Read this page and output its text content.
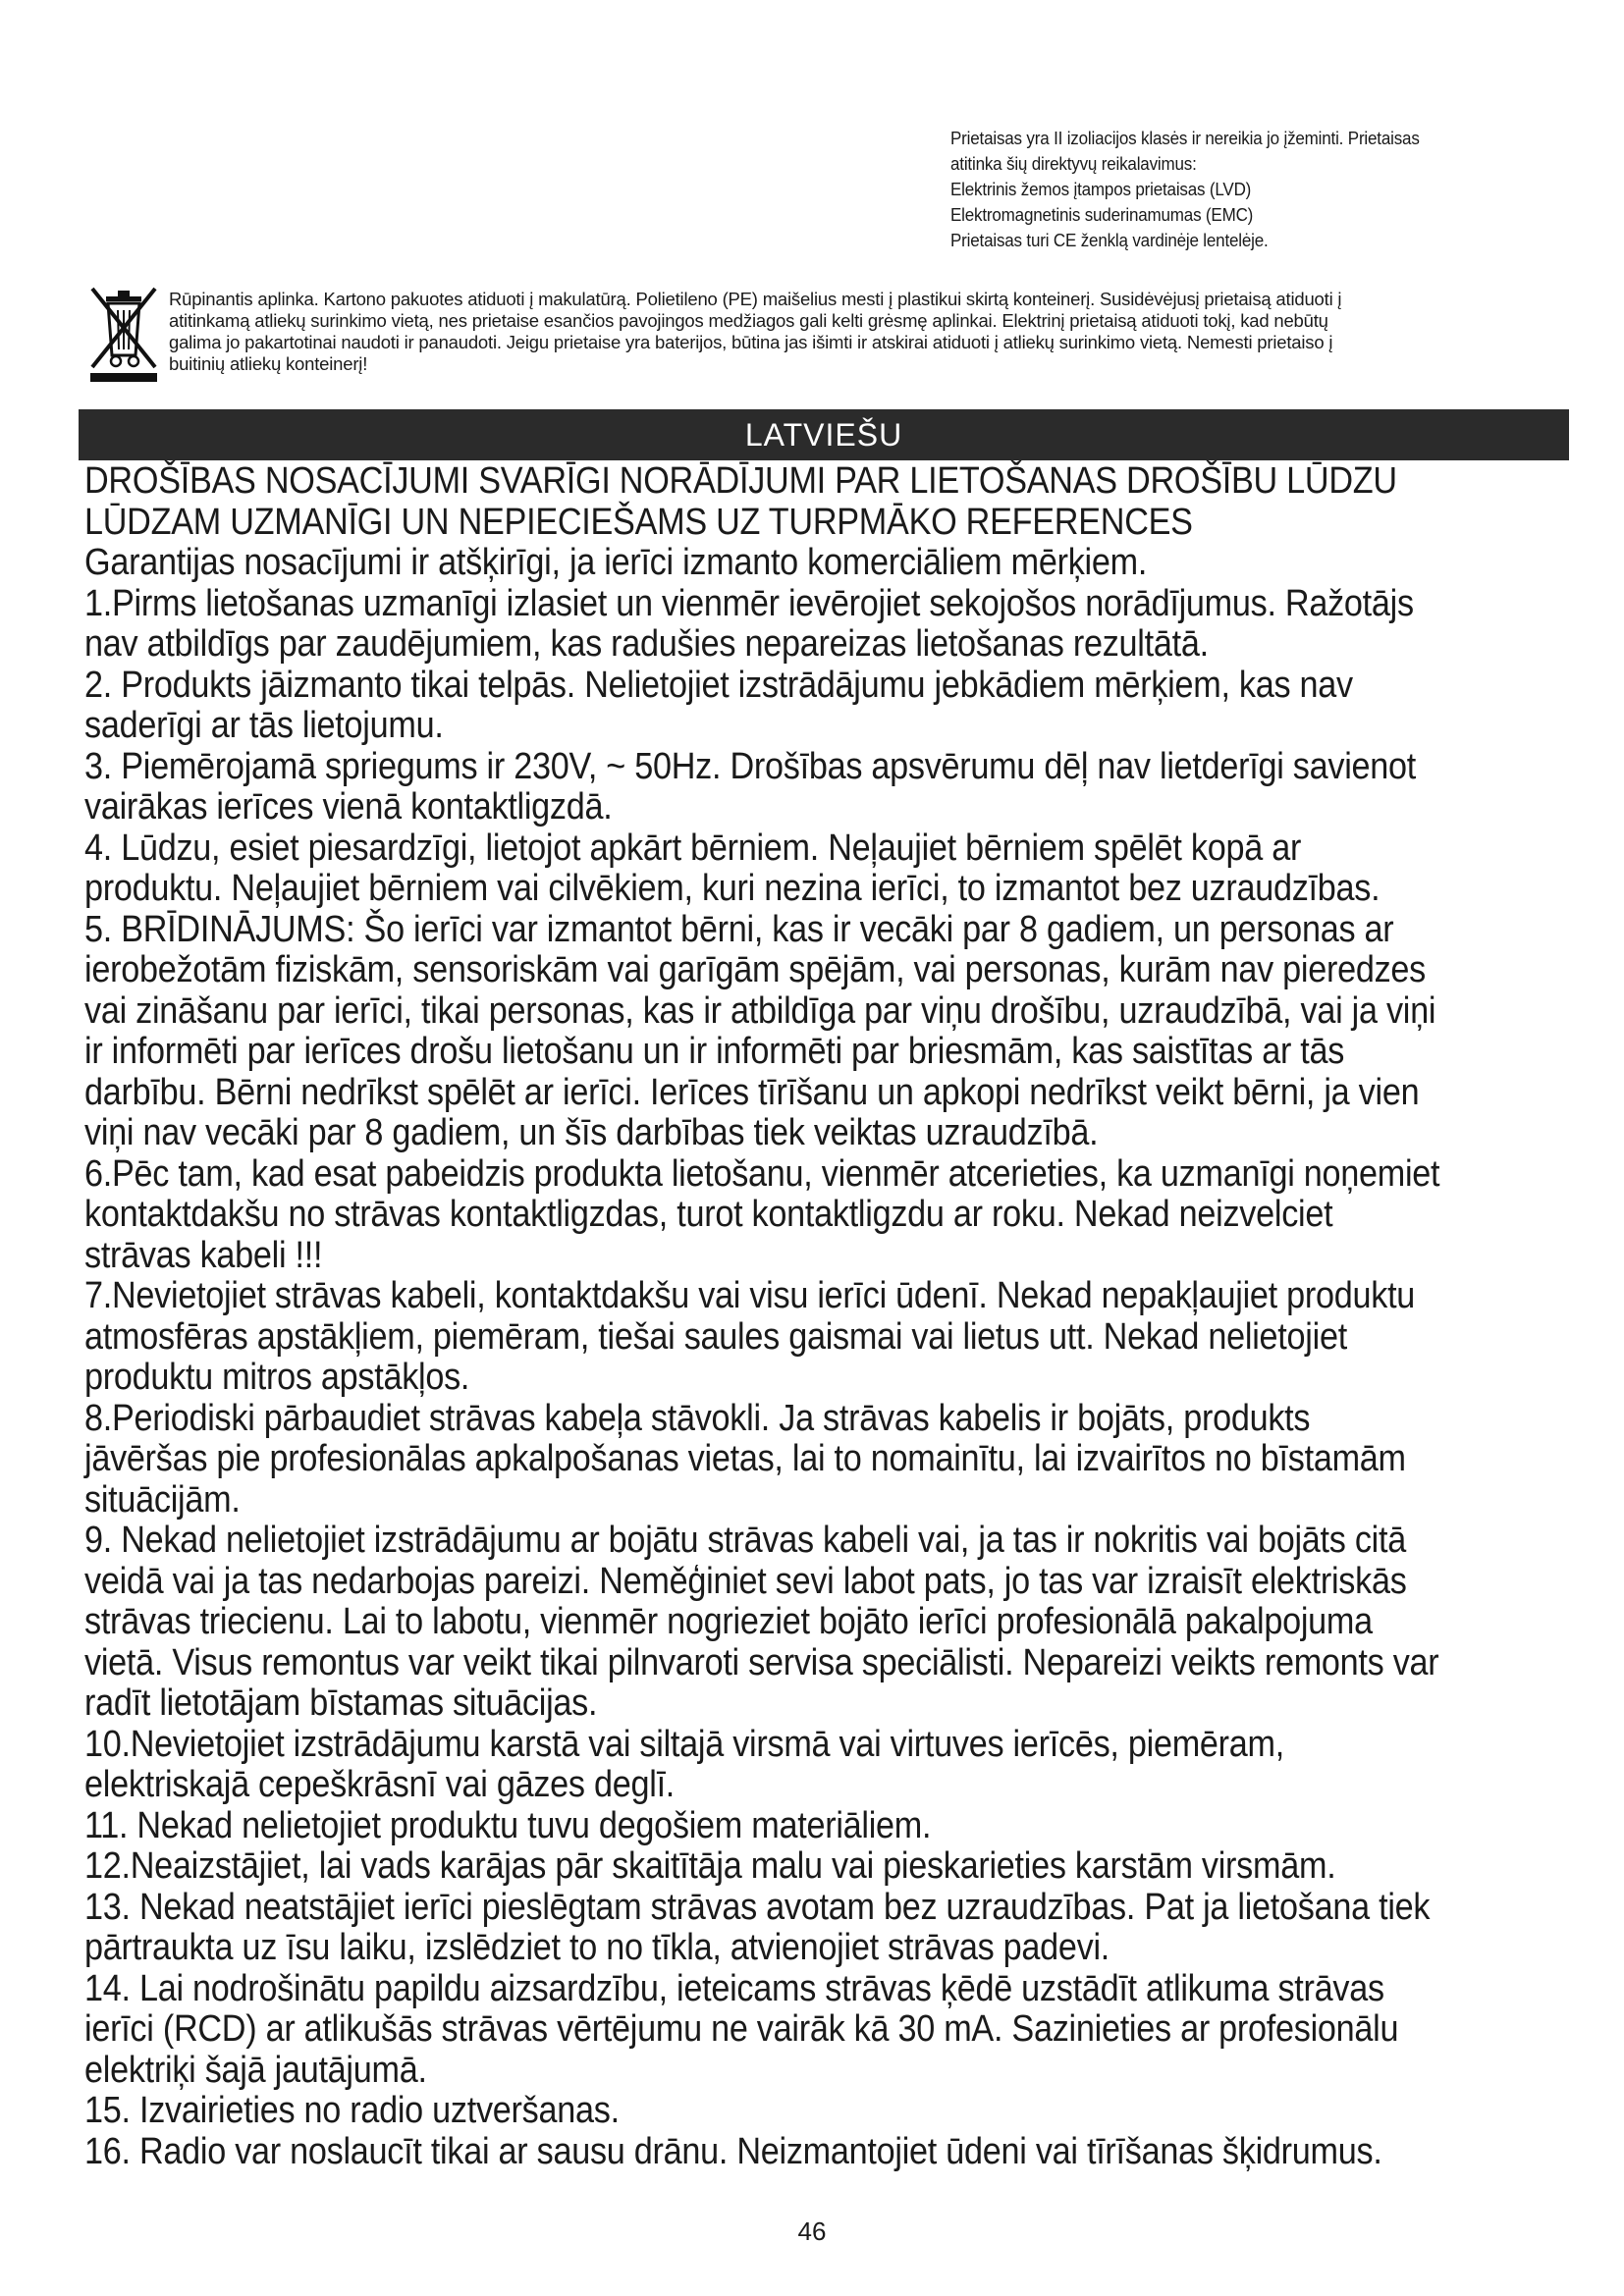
Prietaisas yra II izoliacijos klasės ir nereikia jo įžeminti. Prietaisas
atitinka šių direktyvų reikalavimus:
Elektrinis žemos įtampos prietaisas (LVD)
Elektromagnetinis suderinamumas (EMC)
Prietaisas turi CE ženklą vardinėje lentelėje.
Rūpinantis aplinka. Kartono pakuotes atiduoti į makulatūrą. Polietileno (PE) maišelius mesti į plastikui skirtą konteinerį. Susidėvėjusį prietaisą atiduoti į
atitinkamą atliekų surinkimo vietą, nes prietaise esančios pavojingos medžiagos gali kelti grėsmę aplinkai. Elektrinį prietaisą atiduoti tokį, kad nebūtų
galima jo pakartotinai naudoti ir panaudoti. Jeigu prietaise yra baterijos, būtina jas išimti ir atskirai atiduoti į atliekų surinkimo vietą. Nemesti prietaiso į
buitinių atliekų konteinerį!
LATVIEŠU
DROŠĪBAS NOSACĪJUMI SVARĪGI NORĀDĪJUMI PAR LIETOŠANAS DROŠĪBU LŪDZU
LŪDZAM UZMANĪGI UN NEPIECIEŠAMS UZ TURPMĀKO REFERENCES
Garantijas nosacījumi ir atšķirīgi, ja ierīci izmanto komerciāliem mērķiem.
1.Pirms lietošanas uzmanīgi izlasiet un vienmēr ievērojiet sekojošos norādījumus. Ražotājs
nav atbildīgs par zaudējumiem, kas radušies nepareizas lietošanas rezultātā.
2. Produkts jāizmanto tikai telpās. Nelietojiet izstrādājumu jebkādiem mērķiem, kas nav
saderīgi ar tās lietojumu.
3. Piemērojamā spriegums ir 230V, ~ 50Hz. Drošības apsvērumu dēļ nav lietderīgi savienot
vairākas ierīces vienā kontaktligzdā.
4. Lūdzu, esiet piesardzīgi, lietojot apkārt bērniem. Neļaujiet bērniem spēlēt kopā ar
produktu. Neļaujiet bērniem vai cilvēkiem, kuri nezina ierīci, to izmantot bez uzraudzības.
5. BRĪDINĀJUMS: Šo ierīci var izmantot bērni, kas ir vecāki par 8 gadiem, un personas ar
ierobežotām fiziskām, sensoriskām vai garīgām spējām, vai personas, kurām nav pieredzes
vai zināšanu par ierīci, tikai personas, kas ir atbildīga par viņu drošību, uzraudzībā, vai ja viņi
ir informēti par ierīces drošu lietošanu un ir informēti par briesmām, kas saistītas ar tās
darbību. Bērni nedrīkst spēlēt ar ierīci. Ierīces tīrīšanu un apkopi nedrīkst veikt bērni, ja vien
viņi nav vecāki par 8 gadiem, un šīs darbības tiek veiktas uzraudzībā.
6.Pēc tam, kad esat pabeidzis produkta lietošanu, vienmēr atcerieties, ka uzmanīgi noņemiet
kontaktdakšu no strāvas kontaktligzdas, turot kontaktligzdu ar roku. Nekad neizvelciet
strāvas kabeli !!!
7.Nevietojiet strāvas kabeli, kontaktdakšu vai visu ierīci ūdenī. Nekad nepakļaujiet produktu
atmosfēras apstākļiem, piemēram, tiešai saules gaismai vai lietus utt. Nekad nelietojiet
produktu mitros apstākļos.
8.Periodiski pārbaudiet strāvas kabeļa stāvokli. Ja strāvas kabelis ir bojāts, produkts
jāvēršas pie profesionālas apkalpošanas vietas, lai to nomainītu, lai izvairītos no bīstamām
situācijām.
9. Nekad nelietojiet izstrādājumu ar bojātu strāvas kabeli vai, ja tas ir nokritis vai bojāts citā
veidā vai ja tas nedarbojas pareizi. Neměģiniet sevi labot pats, jo tas var izraisīt elektriskās
strāvas triecienu. Lai to labotu, vienmēr nogrieziet bojāto ierīci profesionālā pakalpojuma
vietā. Visus remontus var veikt tikai pilnvaroti servisa speciālisti. Nepareizi veikts remonts var
radīt lietotājam bīstamas situācijas.
10.Nevietojiet izstrādājumu karstā vai siltajā virsmā vai virtuves ierīcēs, piemēram,
elektriskajā cepeškrāsnī vai gāzes deglī.
11. Nekad nelietojiet produktu tuvu degošiem materiāliem.
12.Neaizstājiet, lai vads karājas pār skaitītāja malu vai pieskarieties karstām virsmām.
13. Nekad neatstājiet ierīci pieslēgtam strāvas avotam bez uzraudzības. Pat ja lietošana tiek
pārtraukta uz īsu laiku, izslēdziet to no tīkla, atvienojiet strāvas padevi.
14. Lai nodrošinātu papildu aizsardzību, ieteicams strāvas ķēdē uzstādīt atlikuma strāvas
ierīci (RCD) ar atlikušās strāvas vērtējumu ne vairāk kā 30 mA. Sazinieties ar profesionālu
elektriķi šajā jautājumā.
15. Izvairieties no radio uztveršanas.
16. Radio var noslaucīt tikai ar sausu drānu. Neizmantojiet ūdeni vai tīrīšanas šķidrumus.
46
